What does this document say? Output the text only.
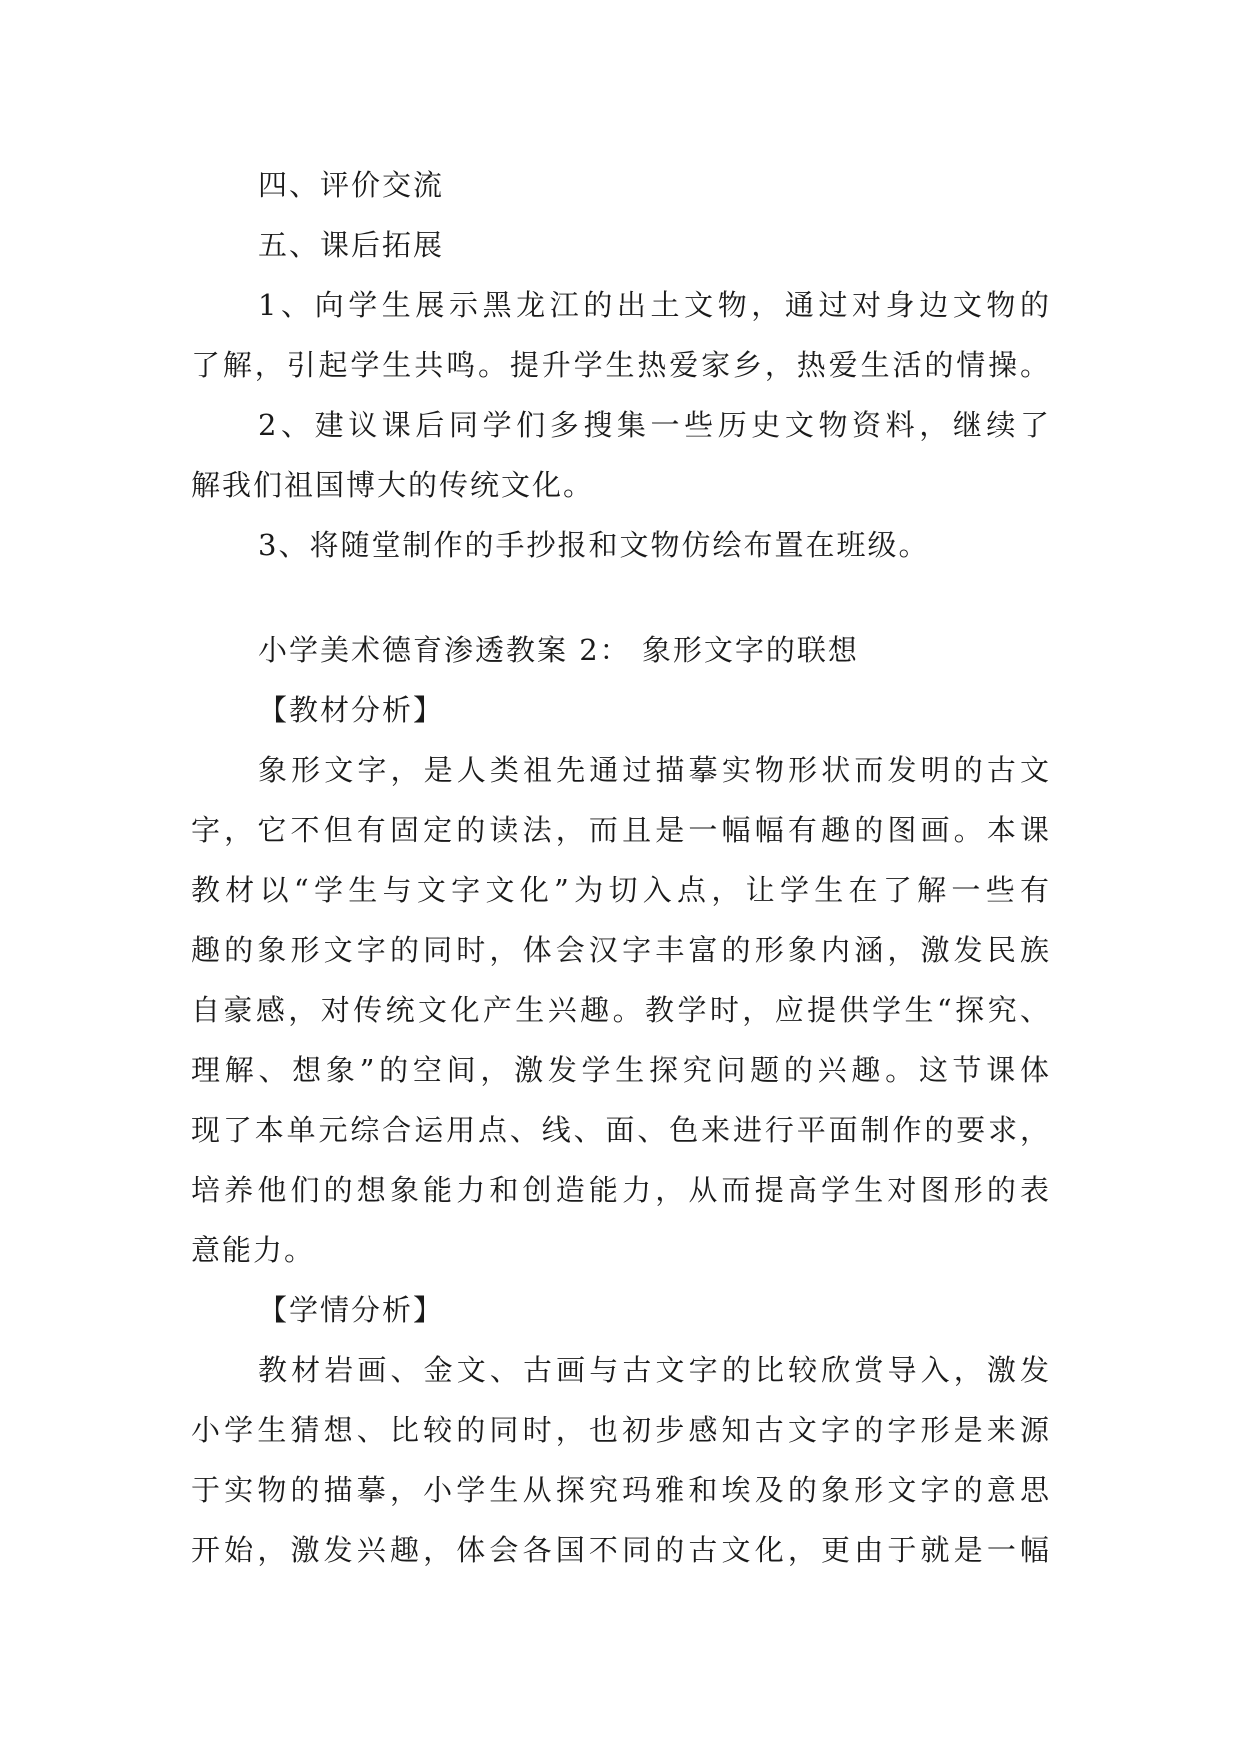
四、评价交流
五、课后拓展
1、向学生展示黑龙江的出土文物，通过对身边文物的
了解，引起学生共鸣。提升学生热爱家乡，热爱生活的情操。
2、建议课后同学们多搜集一些历史文物资料，继续了
解我们祖国博大的传统文化。
3、将随堂制作的手抄报和文物仿绘布置在班级。
小学美术德育渗透教案 2： 象形文字的联想
【教材分析】
象形文字，是人类祖先通过描摹实物形状而发明的古文
字，它不但有固定的读法，而且是一幅幅有趣的图画。本课
教材以“学生与文字文化”为切入点，让学生在了解一些有
趣的象形文字的同时，体会汉字丰富的形象内涵，激发民族
自豪感，对传统文化产生兴趣。教学时，应提供学生“探究、
理解、想象”的空间，激发学生探究问题的兴趣。这节课体
现了本单元综合运用点、线、面、色来进行平面制作的要求，
培养他们的想象能力和创造能力，从而提高学生对图形的表
意能力。
【学情分析】
教材岩画、金文、古画与古文字的比较欣赏导入，激发
小学生猜想、比较的同时，也初步感知古文字的字形是来源
于实物的描摹，小学生从探究玛雅和埃及的象形文字的意思
开始，激发兴趣，体会各国不同的古文化，更由于就是一幅
